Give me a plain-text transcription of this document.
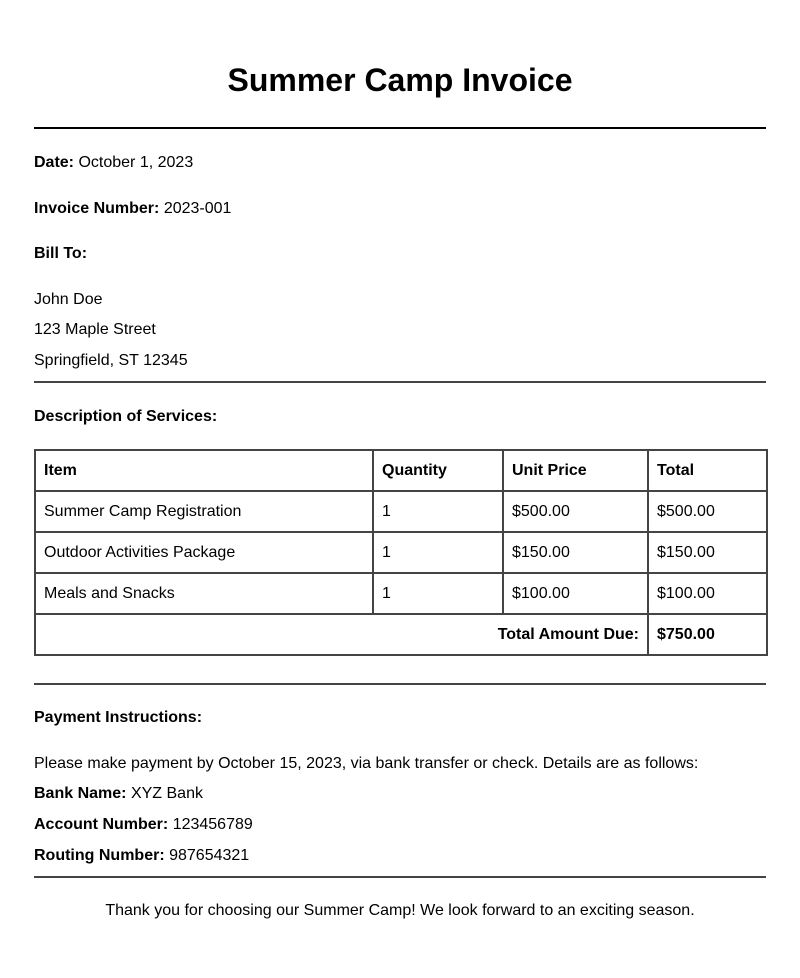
Summer Camp Invoice
Date: October 1, 2023
Invoice Number: 2023-001
Bill To:
John Doe
123 Maple Street
Springfield, ST 12345
Description of Services:
Item	Quantity	Unit Price	Total
Summer Camp Registration	1	$500.00	$500.00
Outdoor Activities Package	1	$150.00	$150.00
Meals and Snacks	1	$100.00	$100.00
Total Amount Due:			$750.00
Payment Instructions:
Please make payment by October 15, 2023, via bank transfer or check. Details are as follows:
Bank Name: XYZ Bank
Account Number: 123456789
Routing Number: 987654321
Thank you for choosing our Summer Camp! We look forward to an exciting season.
